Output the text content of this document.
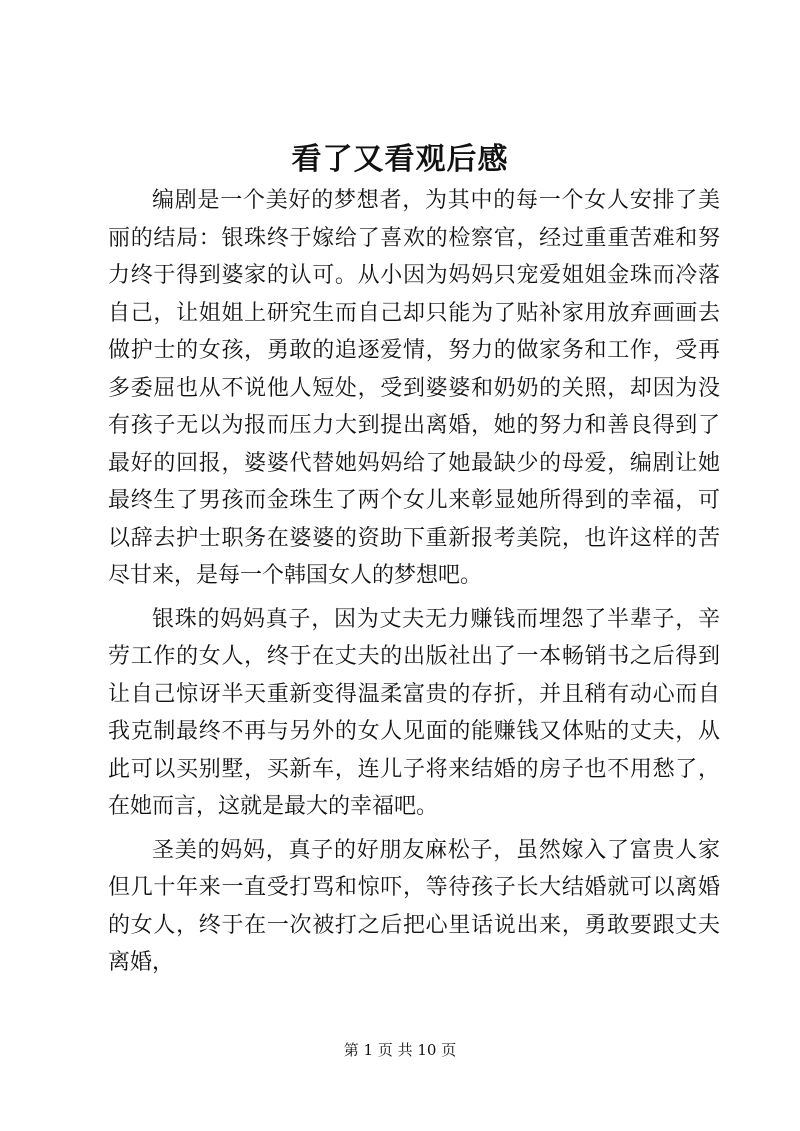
看了又看观后感

编剧是一个美好的梦想者，为其中的每一个女人安排了美丽的结局：银珠终于嫁给了喜欢的检察官，经过重重苦难和努力终于得到婆家的认可。从小因为妈妈只宠爱姐姐金珠而冷落自己，让姐姐上研究生而自己却只能为了贴补家用放弃画画去做护士的女孩，勇敢的追逐爱情，努力的做家务和工作，受再多委屈也从不说他人短处，受到婆婆和奶奶的关照，却因为没有孩子无以为报而压力大到提出离婚，她的努力和善良得到了最好的回报，婆婆代替她妈妈给了她最缺少的母爱，编剧让她最终生了男孩而金珠生了两个女儿来彰显她所得到的幸福，可以辞去护士职务在婆婆的资助下重新报考美院，也许这样的苦尽甘来，是每一个韩国女人的梦想吧。

银珠的妈妈真子，因为丈夫无力赚钱而埋怨了半辈子，辛劳工作的女人，终于在丈夫的出版社出了一本畅销书之后得到让自己惊讶半天重新变得温柔富贵的存折，并且稍有动心而自我克制最终不再与另外的女人见面的能赚钱又体贴的丈夫，从此可以买别墅，买新车，连儿子将来结婚的房子也不用愁了，在她而言，这就是最大的幸福吧。

圣美的妈妈，真子的好朋友麻松子，虽然嫁入了富贵人家但几十年来一直受打骂和惊吓，等待孩子长大结婚就可以离婚的女人，终于在一次被打之后把心里话说出来，勇敢要跟丈夫离婚，

第 1 页 共 10 页
